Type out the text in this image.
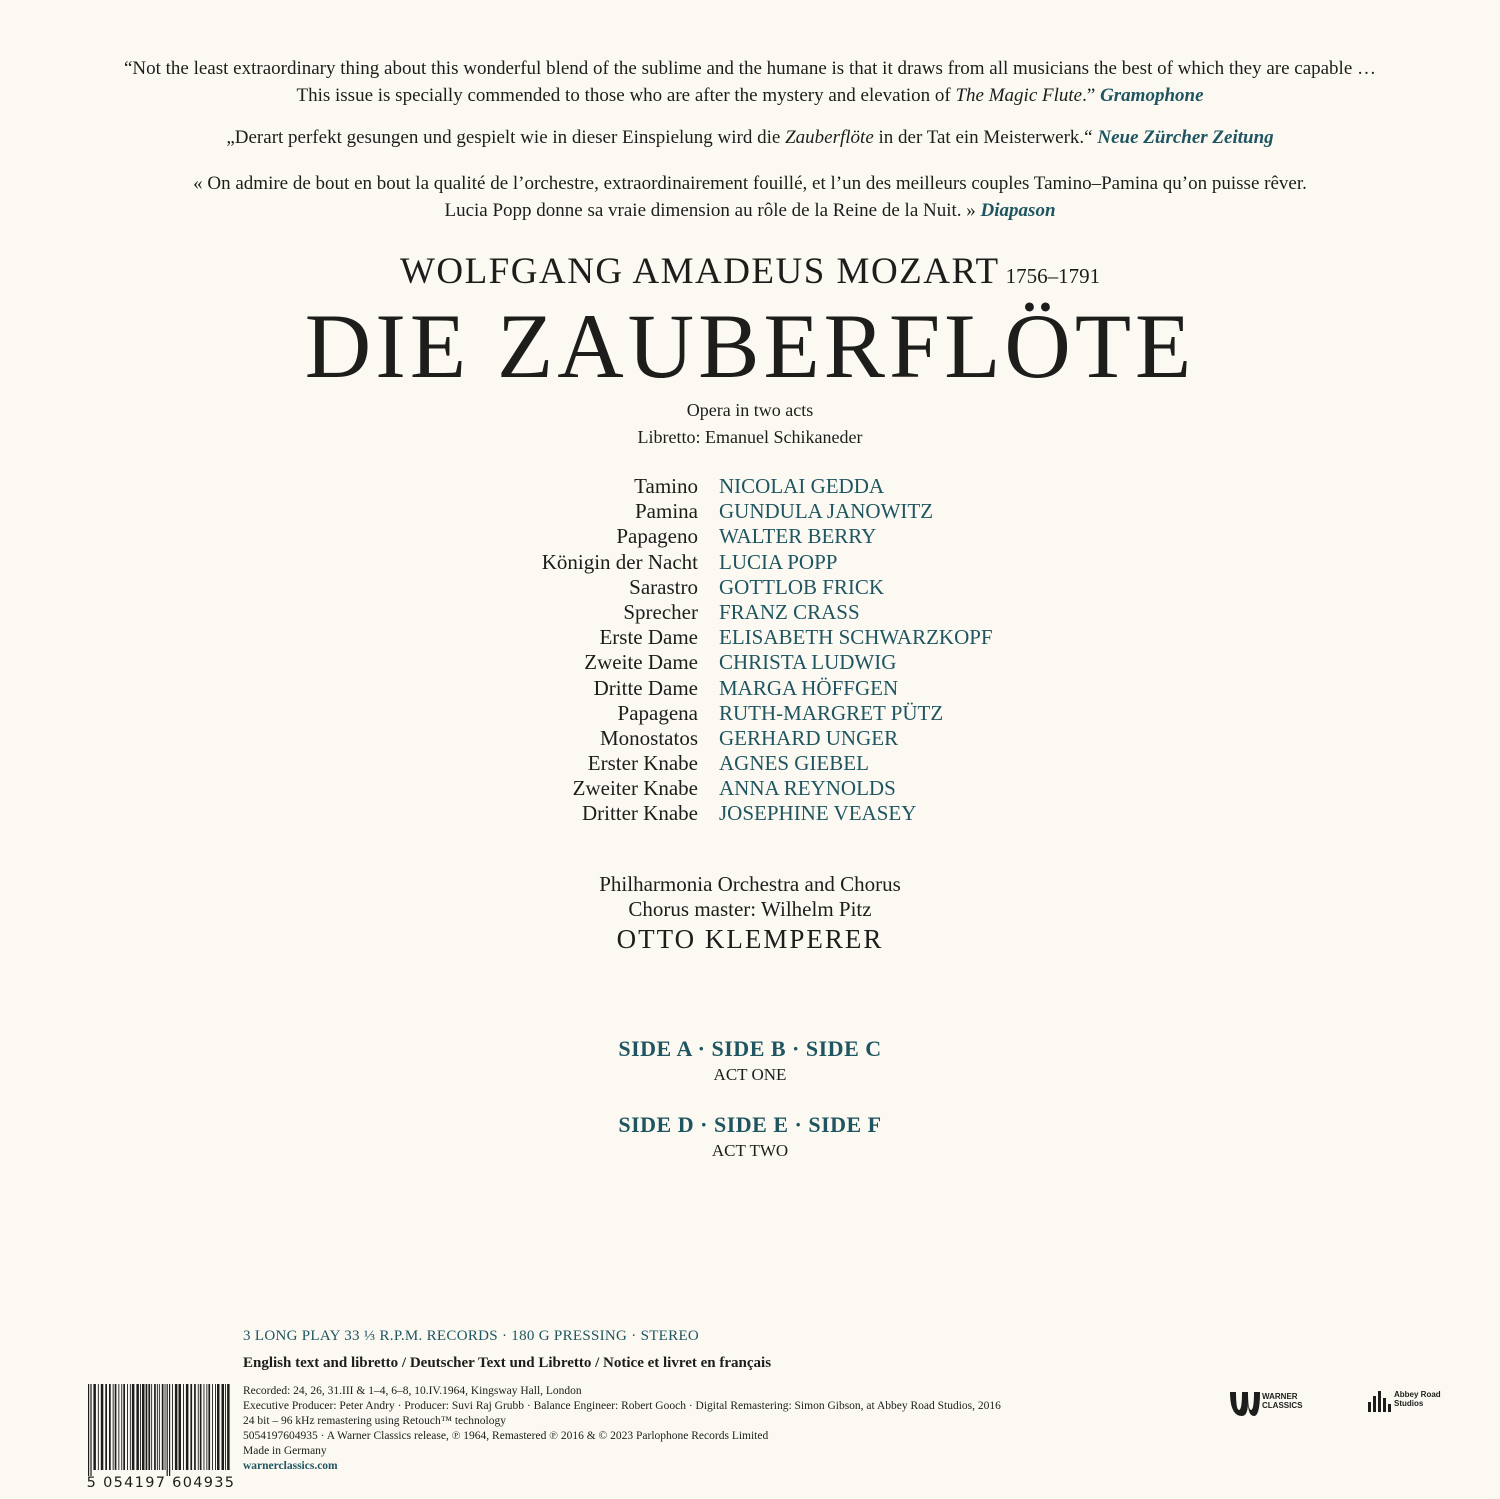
“Not the least extraordinary thing about this wonderful blend of the sublime and the humane is that it draws from all musicians the best of which they are capable …
This issue is specially commended to those who are after the mystery and elevation of The Magic Flute.” Gramophone
„Derart perfekt gesungen und gespielt wie in dieser Einspielung wird die Zauberflöte in der Tat ein Meisterwerk.“ Neue Zürcher Zeitung
« On admire de bout en bout la qualité de l’orchestre, extraordinairement fouillé, et l’un des meilleurs couples Tamino–Pamina qu’on puisse rêver.
Lucia Popp donne sa vraie dimension au rôle de la Reine de la Nuit. » Diapason
WOLFGANG AMADEUS MOZART 1756–1791
DIE ZAUBERFLÖTE
Opera in two acts
Libretto: Emanuel Schikaneder
Tamino NICOLAI GEDDA
Pamina GUNDULA JANOWITZ
Papageno WALTER BERRY
Königin der Nacht LUCIA POPP
Sarastro GOTTLOB FRICK
Sprecher FRANZ CRASS
Erste Dame ELISABETH SCHWARZKOPF
Zweite Dame CHRISTA LUDWIG
Dritte Dame MARGA HÖFFGEN
Papagena RUTH-MARGRET PÜTZ
Monostatos GERHARD UNGER
Erster Knabe AGNES GIEBEL
Zweiter Knabe ANNA REYNOLDS
Dritter Knabe JOSEPHINE VEASEY
Philharmonia Orchestra and Chorus
Chorus master: Wilhelm Pitz
OTTO KLEMPERER
SIDE A · SIDE B · SIDE C
ACT ONE
SIDE D · SIDE E · SIDE F
ACT TWO
3 LONG PLAY 33 ⅓ R.P.M. RECORDS · 180 G PRESSING · STEREO
English text and libretto / Deutscher Text und Libretto / Notice et livret en français
Recorded: 24, 26, 31.III & 1–4, 6–8, 10.IV.1964, Kingsway Hall, London
Executive Producer: Peter Andry · Producer: Suvi Raj Grubb · Balance Engineer: Robert Gooch · Digital Remastering: Simon Gibson, at Abbey Road Studios, 2016
24 bit – 96 kHz remastering using Retouch™ technology
5054197604935 · A Warner Classics release, ℗ 1964, Remastered ℗ 2016 & © 2023 Parlophone Records Limited
Made in Germany
warnerclassics.com
5 054197 604935
WARNER
CLASSICS
Abbey Road
Studios
